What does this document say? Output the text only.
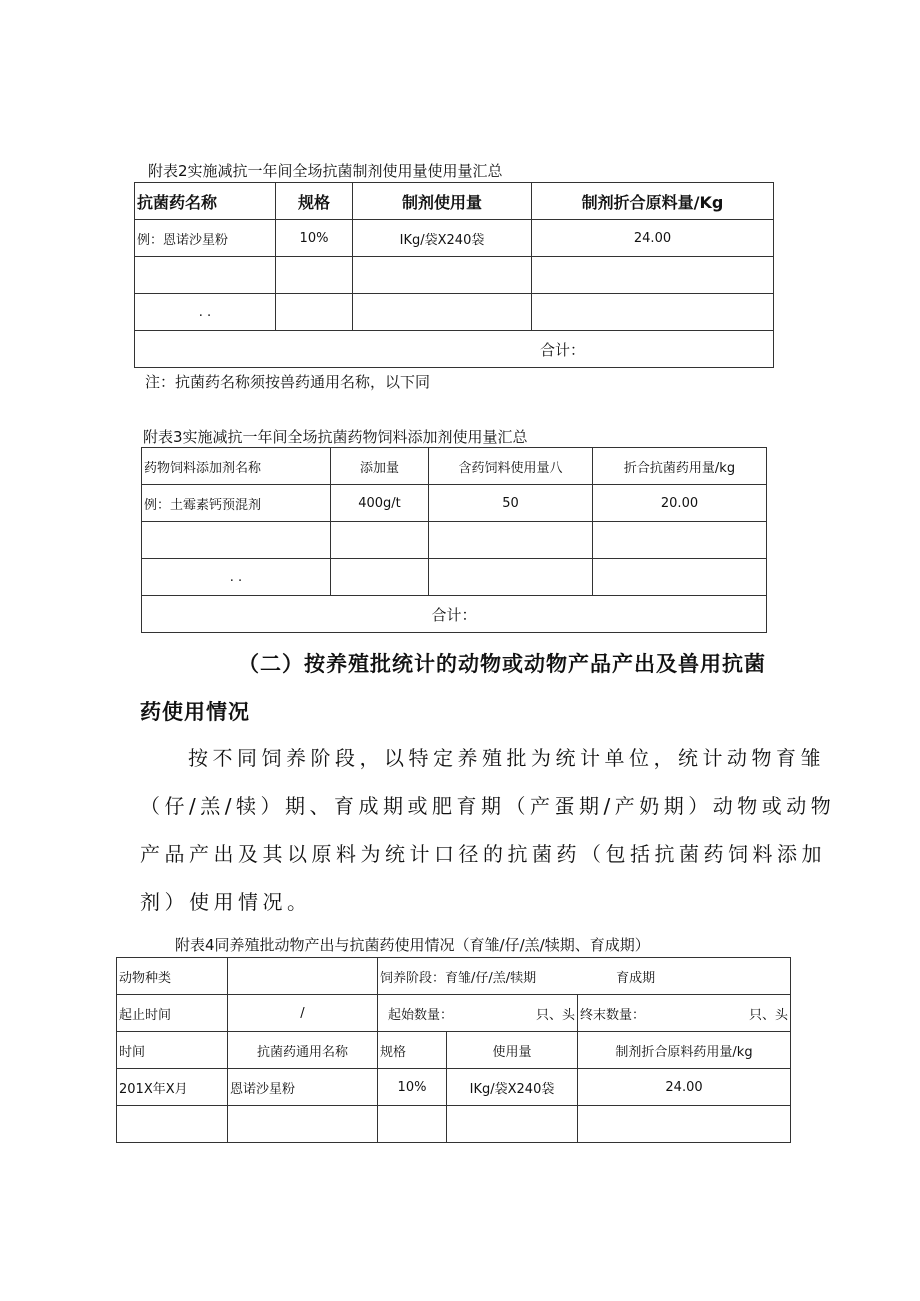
附表2实施减抗一年间全场抗菌制剂使用量使用量汇总
抗菌药名称	规格	制剂使用量	制剂折合原料量/Kg
例：恩诺沙星粉	10%	IKg/袋X240袋	24.00

. .			
合计：			
注：抗菌药名称须按兽药通用名称，以下同
附表3实施减抗一年间全场抗菌药物饲料添加剂使用量汇总
药物饲料添加剂名称	添加量	含药饲料使用量八	折合抗菌药用量/kg
例：土霉素钙预混剂	400g/t	50	20.00

. .			
合计：			
（二）按养殖批统计的动物或动物产品产出及兽用抗菌
药使用情况
按不同饲养阶段，以特定养殖批为统计单位，统计动物育雏
（仔/羔/犊）期、育成期或肥育期（产蛋期/产奶期）动物或动物
产品产出及其以原料为统计口径的抗菌药（包括抗菌药饲料添加
剂）使用情况。
附表4同养殖批动物产出与抗菌药使用情况（育雏/仔/羔/犊期、育成期）
动物种类		饲养阶段：育雏/仔/羔/犊期 育成期		
起止时间	/	起始数量： 只、头		终末数量： 只、头

时间	抗菌药通用名称	规格	使用量	制剂折合原料药用量/kg
201X年X月	恩诺沙星粉	10%	IKg/袋X240袋	24.00
